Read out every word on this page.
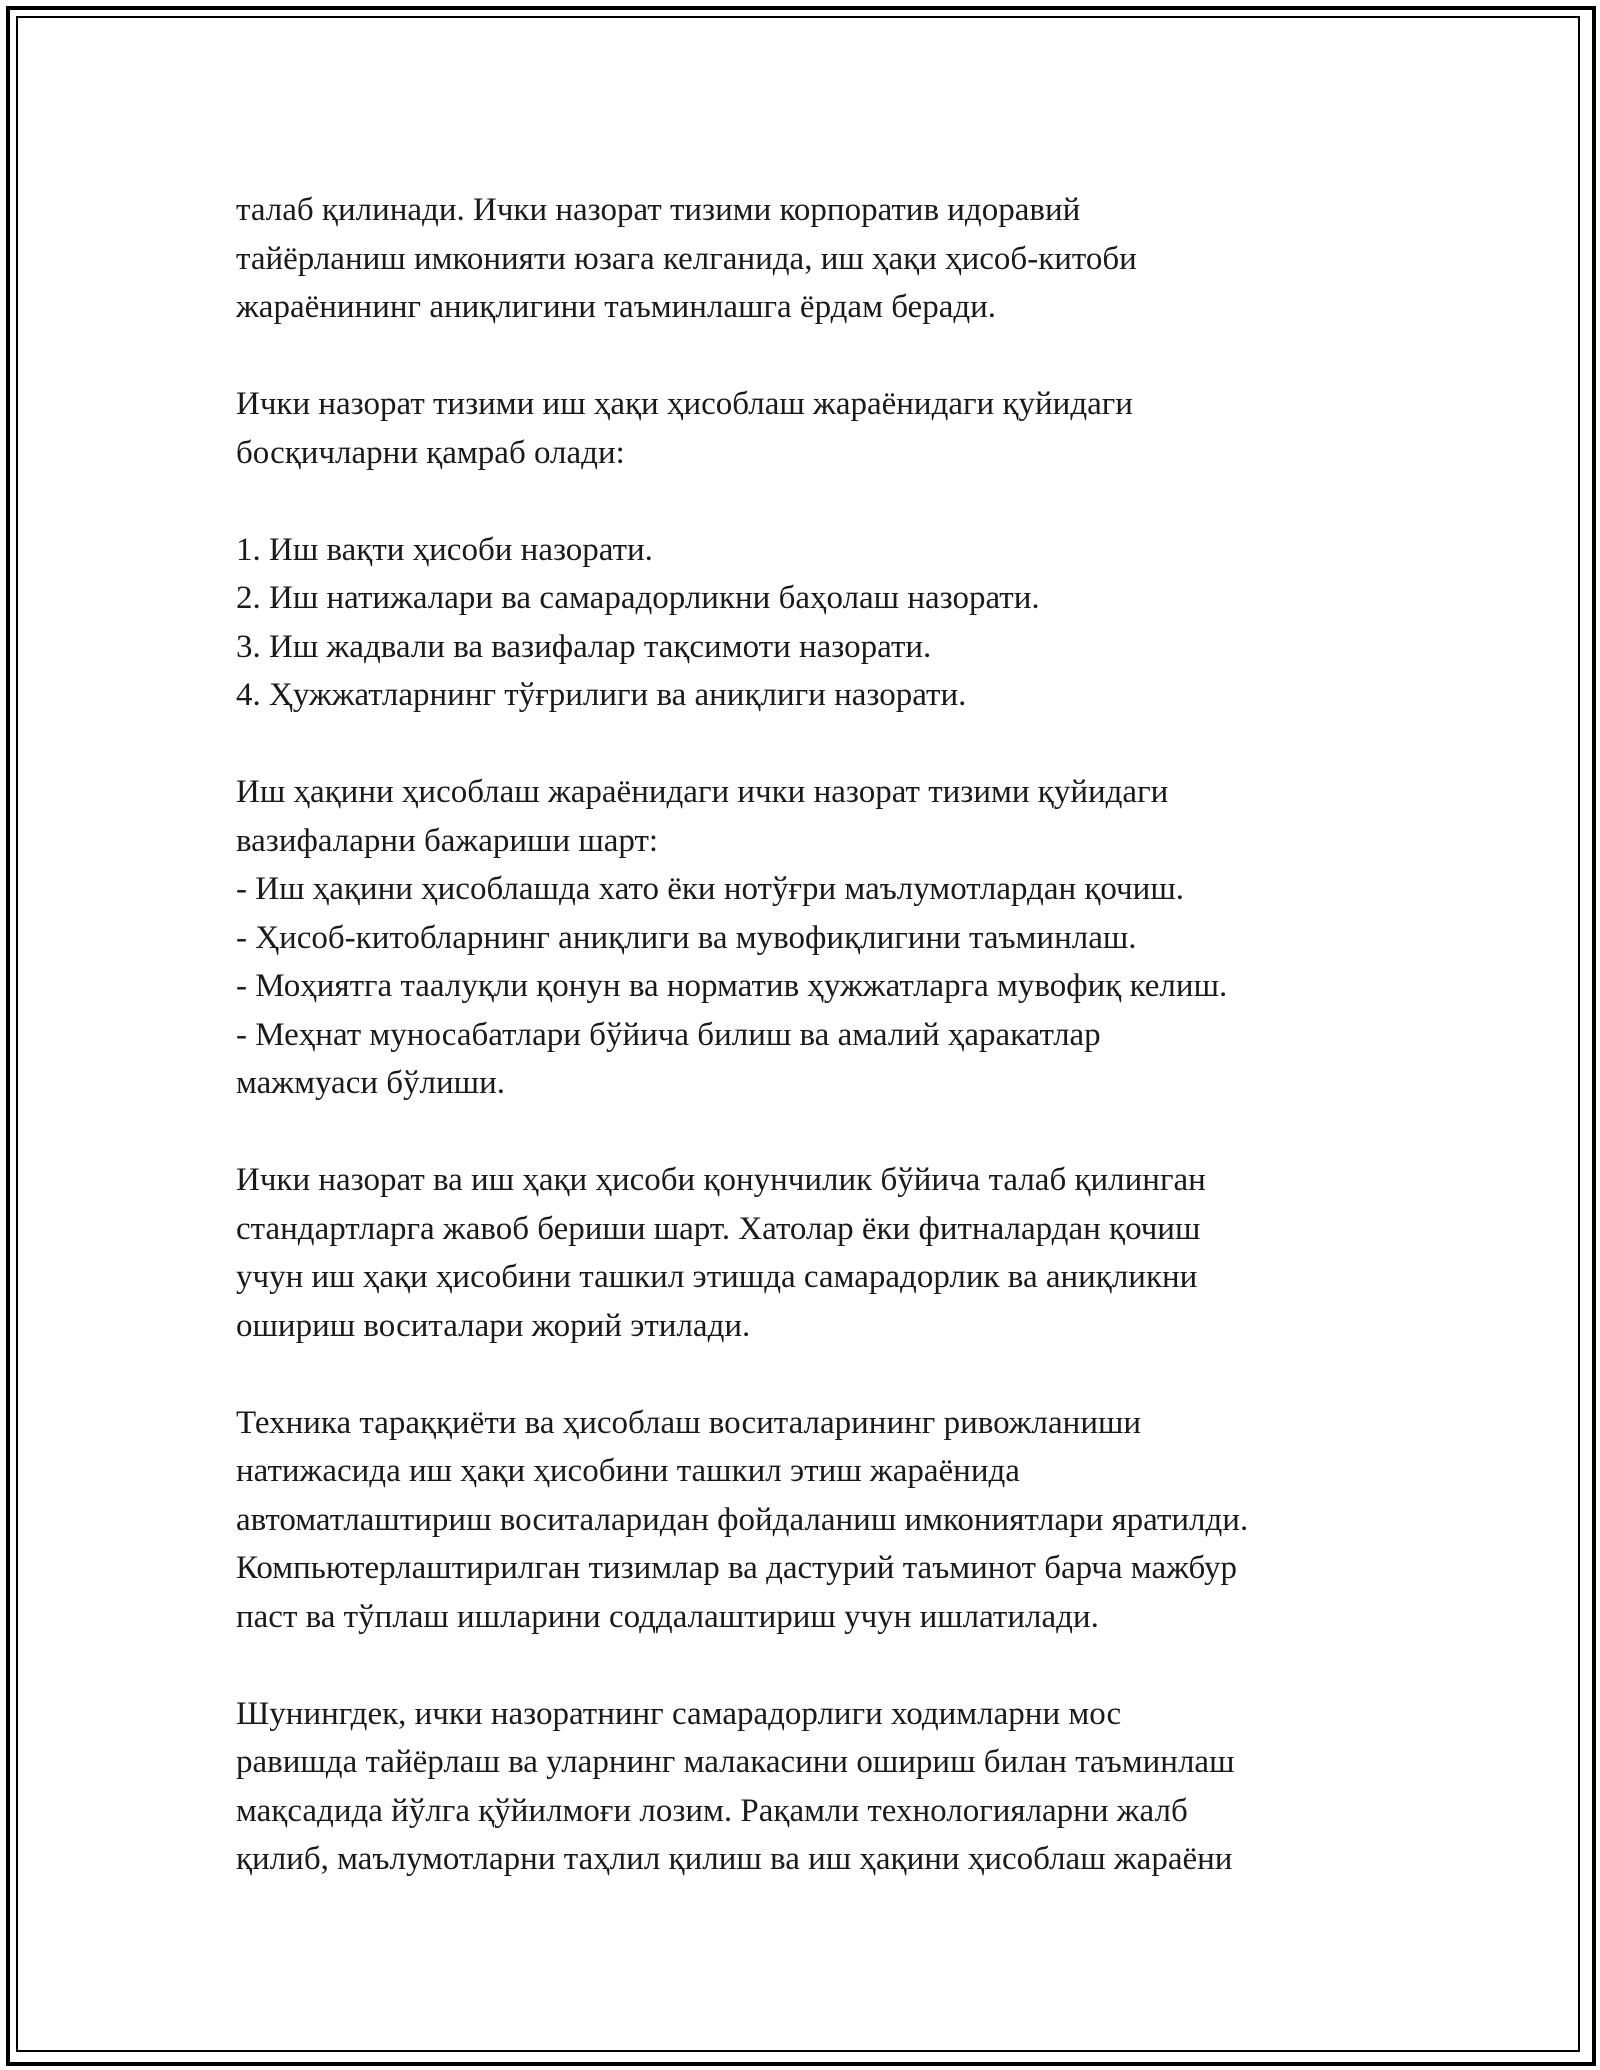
талаб қилинади. Ички назорат тизими корпоратив идоравий
тайёрланиш имконияти юзага келганида, иш ҳақи ҳисоб-китоби
жараёнининг аниқлигини таъминлашга ёрдам беради.

Ички назорат тизими иш ҳақи ҳисоблаш жараёнидаги қуйидаги
босқичларни қамраб олади:

1. Иш вақти ҳисоби назорати.
2. Иш натижалари ва самарадорликни баҳолаш назорати.
3. Иш жадвали ва вазифалар тақсимоти назорати.
4. Ҳужжатларнинг тўғрилиги ва аниқлиги назорати.

Иш ҳақини ҳисоблаш жараёнидаги ички назорат тизими қуйидаги
вазифаларни бажариши шарт:
- Иш ҳақини ҳисоблашда хато ёки нотўғри маълумотлардан қочиш.
- Ҳисоб-китобларнинг аниқлиги ва мувофиқлигини таъминлаш.
- Моҳиятга таалуқли қонун ва норматив ҳужжатларга мувофиқ келиш.
- Меҳнат муносабатлари бўйича билиш ва амалий ҳаракатлар
мажмуаси бўлиши.

Ички назорат ва иш ҳақи ҳисоби қонунчилик бўйича талаб қилинган
стандартларга жавоб бериши шарт. Хатолар ёки фитналардан қочиш
учун иш ҳақи ҳисобини ташкил этишда самарадорлик ва аниқликни
ошириш воситалари жорий этилади.

Техника тараққиёти ва ҳисоблаш воситаларининг ривожланиши
натижасида иш ҳақи ҳисобини ташкил этиш жараёнида
автоматлаштириш воситаларидан фойдаланиш имкониятлари яратилди.
Компьютерлаштирилган тизимлар ва дастурий таъминот барча мажбур
паст ва тўплаш ишларини соддалаштириш учун ишлатилади.

Шунингдек, ички назоратнинг самарадорлиги ходимларни мос
равишда тайёрлаш ва уларнинг малакасини ошириш билан таъминлаш
мақсадида йўлга қўйилмоғи лозим. Рақамли технологияларни жалб
қилиб, маълумотларни таҳлил қилиш ва иш ҳақини ҳисоблаш жараёни
